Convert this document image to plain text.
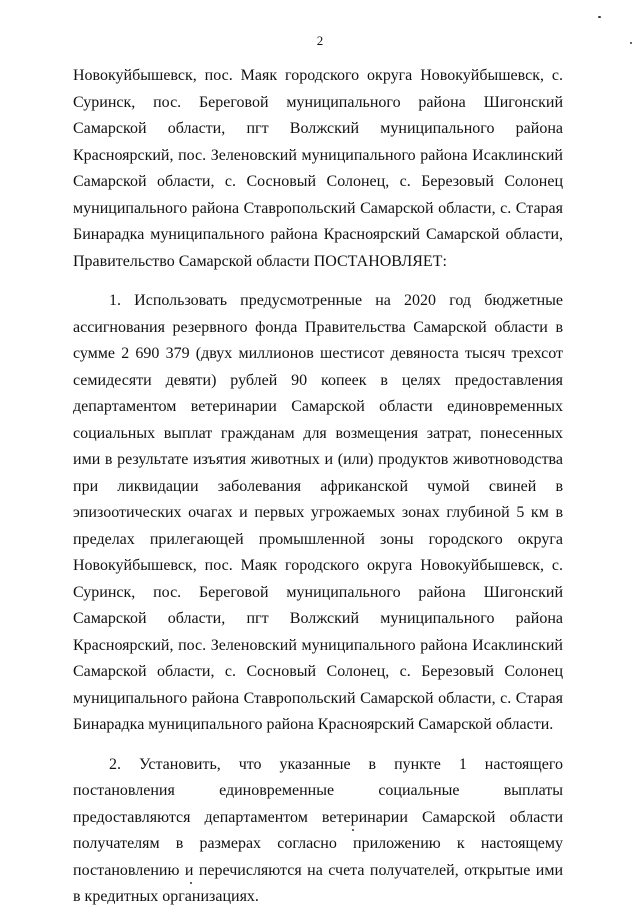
2

Новокуйбышевск, пос. Маяк городского округа Новокуйбышевск, с. Суринск, пос. Береговой муниципального района Шигонский Самарской области, пгт Волжский муниципального района Красноярский, пос. Зеленовский муниципального района Исаклинский Самарской области, с. Сосновый Солонец, с. Березовый Солонец муниципального района Ставропольский Самарской области, с. Старая Бинарадка муниципального района Красноярский Самарской области, Правительство Самарской области ПОСТАНОВЛЯЕТ:

1. Использовать предусмотренные на 2020 год бюджетные ассигнования резервного фонда Правительства Самарской области в сумме 2 690 379 (двух миллионов шестисот девяноста тысяч трехсот семидесяти девяти) рублей 90 копеек в целях предоставления департаментом ветеринарии Самарской области единовременных социальных выплат гражданам для возмещения затрат, понесенных ими в результате изъятия животных и (или) продуктов животноводства при ликвидации заболевания африканской чумой свиней в эпизоотических очагах и первых угрожаемых зонах глубиной 5 км в пределах прилегающей промышленной зоны городского округа Новокуйбышевск, пос. Маяк городского округа Новокуйбышевск, с. Суринск, пос. Береговой муниципального района Шигонский Самарской области, пгт Волжский муниципального района Красноярский, пос. Зеленовский муниципального района Исаклинский Самарской области, с. Сосновый Солонец, с. Березовый Солонец муниципального района Ставропольский Самарской области, с. Старая Бинарадка муниципального района Красноярский Самарской области.

2. Установить, что указанные в пункте 1 настоящего постановления единовременные социальные выплаты предоставляются департаментом ветеринарии Самарской области получателям в размерах согласно приложению к настоящему постановлению и перечисляются на счета получателей, открытые ими в кредитных организациях.
